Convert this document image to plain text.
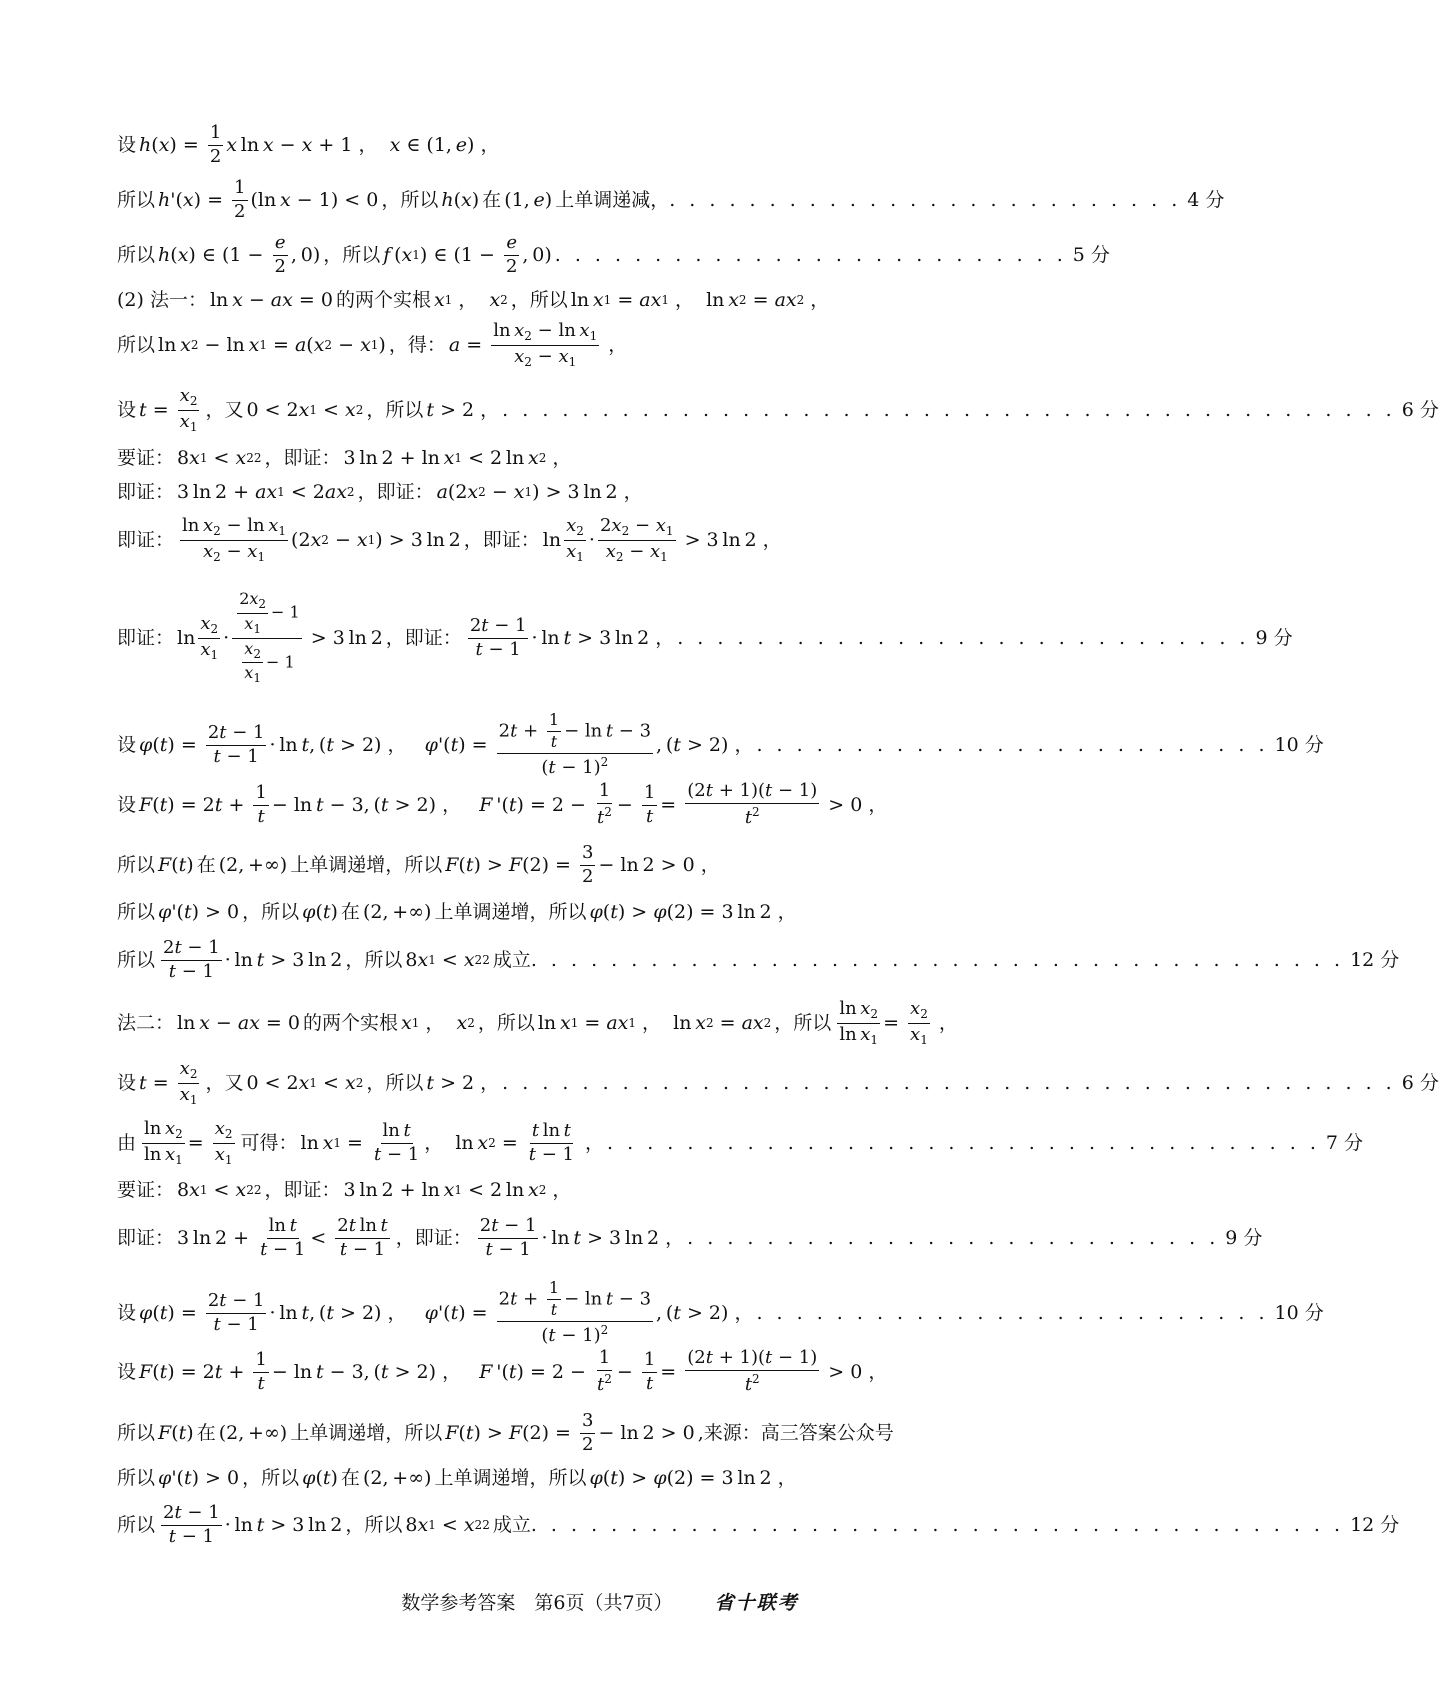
设 h ( x ) = $\frac{1}{2}$ x  ln  x − x + 1 ， x ∈ (1,  e ) ，
所以 h '( x ) = $\frac{1}{2} (\ln$  x − 1) < 0 ，所以 h ( x ) 在 (1,  e ) 上单调递减， . . . . . . . . . . . . . . . . . . . . . . . . . . 4 分
所以 h ( x ) ∈ ($1 - \frac{e}{2}$ , 0) ，所以 f  ( x 1 ) ∈ ($1 - \frac{e}{2}$ , 0) . . . . . . . . . . . . . . . . . . . . . . . . . . 5 分
(2) 法一： ln  x − ax = 0 的两个实根 x 1 ， x 2 ，所以 ln  x 1 = ax 1 ，  ln  x 2 = ax 2 ，
所以 ln  x 2 − ln  x 1 = a ( x 2 − x 1 ) ，得： $a = \frac{\ln x_2 - \ln x_1}{x_2 - x_1}$ ，
设 $t = \frac{x_2}{x_1}$ ，又 0 < 2 x 1 < x 2 ，所以 t > 2 ， . . . . . . . . . . . . . . . . . . . . . . . . . . . . . . . . . . . . . . . . . . . . . 6 分
要证： 8 x 1 < x 2 2 ，即证： 3 ln 2 + ln  x 1 < 2 ln  x 2 ，
即证： 3 ln 2 + ax 1 < 2 ax 2 ，即证： a (2 x 2 − x 1 ) > 3 ln 2 ，
即证： $\frac{\ln x_2 - \ln x_1}{x_2 - x_1} (2$ x 2 − x 1 ) > 3 ln 2 ，即证： $\ln \frac{x_2}{x_1} \cdot \frac{2x_2 - x_1}{x_2 - x_1} > 3$ ln 2 ，
即证： $\ln \frac{x_2}{x_1} \cdot \frac{\frac{2x_2}{x_1} - 1}{\frac{x_2}{x_1} - 1} > 3$ ln 2 ，即证： $\frac{2t - 1}{t - 1} \cdot \ln t > 3$ ln 2 ， . . . . . . . . . . . . . . . . . . . . . . . . . . . . . 9 分
设 φ ( t ) = $\frac{2t - 1}{t - 1} \cdot \ln t$ , ( t > 2) ， φ '( t ) = $\frac{2t + \frac{1}{t} - \ln t - 3}{(t - 1)^2}$ , ( t > 2) ， . . . . . . . . . . . . . . . . . . . . . . . . . . 10 分
设 F ( t ) = 2 $t + \frac{1}{t} - \ln t - 3$, ( t > 2) ， F  '( t ) = $2 - \frac{1}{t^2} - \frac{1}{t} = \frac{(2t + 1)(t - 1)}{t^2} > 0$ ，
所以 F ( t ) 在 (2, +∞) 上单调递增，所以 F ( t ) > F $(2) = \frac{3}{2} - \ln 2 > 0$ ，
所以 φ '( t ) > 0 ，所以 φ ( t ) 在 (2, +∞) 上单调递增，所以 φ ( t ) > φ (2) = 3 ln 2 ，
所以 $\frac{2t - 1}{t - 1} \cdot \ln t > 3$ ln 2 ，所以 8 x 1 < x 2 2 成立 . . . . . . . . . . . . . . . . . . . . . . . . . . . . . . . . . . . . . . . . . 12 分
法二： ln  x − ax = 0 的两个实根 x 1 ， x 2 ，所以 ln  x 1 = ax 1 ，  ln  x 2 = ax 2 ，所以 $\frac{\ln x_2}{\ln x_1} = \frac{x_2}{x_1}$ ，
设 $t = \frac{x_2}{x_1}$ ，又 0 < 2 x 1 < x 2 ，所以 t > 2 ， . . . . . . . . . . . . . . . . . . . . . . . . . . . . . . . . . . . . . . . . . . . . . 6 分
由 $\frac{\ln x_2}{\ln x_1} = \frac{x_2}{x_1}$ 可得： ln  x $1 = \frac{\text{ln t}}{t - 1}$ ，  ln  x $2 = \frac{\text{t ln t}}{t - 1}$ ， . . . . . . . . . . . . . . . . . . . . . . . . . . . . . . . . . . . . 7 分
要证： 8 x 1 < x 2 2 ，即证： 3 ln 2 + ln  x 1 < 2 ln  x 2 ，
即证： 3 $\ln 2 + \frac{\text{ln t}}{t - 1} < \frac{\text{2t ln t}}{t - 1}$ ，即证： $\frac{2t - 1}{t - 1} \cdot \ln t > 3$ ln 2 ， . . . . . . . . . . . . . . . . . . . . . . . . . . . 9 分
设 φ ( t ) = $\frac{2t - 1}{t - 1} \cdot \ln t$ , ( t > 2) ， φ '( t ) = $\frac{2t + \frac{1}{t} - \ln t - 3}{(t - 1)^2}$ , ( t > 2) ， . . . . . . . . . . . . . . . . . . . . . . . . . . 10 分
设 F ( t ) = 2 $t + \frac{1}{t} - \ln t - 3$, ( t > 2) ， F  '( t ) = $2 - \frac{1}{t^2} - \frac{1}{t} = \frac{(2t + 1)(t - 1)}{t^2} > 0$ ，
所以 F ( t ) 在 (2, +∞) 上单调递增，所以 F ( t ) > F $(2) = \frac{3}{2} - \ln 2 > 0$ ,来源：高三答案公众号
所以 φ '( t ) > 0 ，所以 φ ( t ) 在 (2, +∞) 上单调递增，所以 φ ( t ) > φ (2) = 3 ln 2 ，
所以 $\frac{2t - 1}{t - 1} \cdot \ln t > 3$ ln 2 ，所以 8 x 1 < x 2 2 成立 . . . . . . . . . . . . . . . . . . . . . . . . . . . . . . . . . . . . . . . . . 12 分
数学参考答案　第6页（共7页） 省十联考
